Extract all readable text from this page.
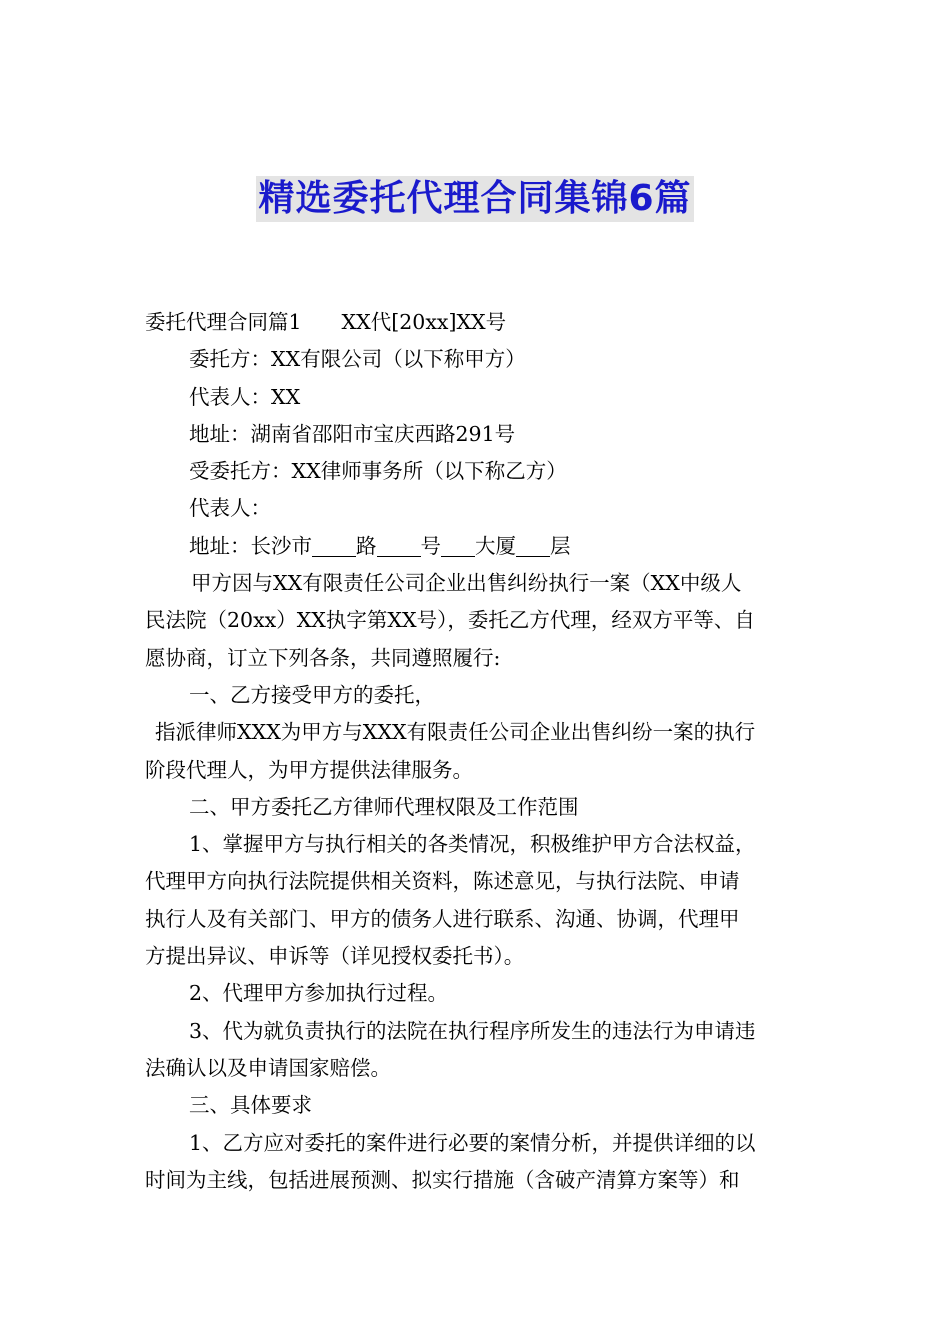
精选委托代理合同集锦6篇
委托代理合同篇1 XX代[20xx]XX号
委托方：XX有限公司（以下称甲方）
代表人：XX
地址：湖南省邵阳市宝庆西路291号
受委托方：XX律师事务所（以下称乙方）
代表人：
地址：长沙市 路 号 大厦 层
甲方因与XX有限责任公司企业出售纠纷执行一案（XX中级人
民法院（20xx）XX执字第XX号），委托乙方代理，经双方平等、自
愿协商，订立下列各条，共同遵照履行:
一、乙方接受甲方的委托，
指派律师XXX为甲方与XXX有限责任公司企业出售纠纷一案的执行
阶段代理人，为甲方提供法律服务。
二、甲方委托乙方律师代理权限及工作范围
1、掌握甲方与执行相关的各类情况，积极维护甲方合法权益，
代理甲方向执行法院提供相关资料，陈述意见，与执行法院、申请
执行人及有关部门、甲方的债务人进行联系、沟通、协调，代理甲
方提出异议、申诉等（详见授权委托书）。
2、代理甲方参加执行过程。
3、代为就负责执行的法院在执行程序所发生的违法行为申请违
法确认以及申请国家赔偿。
三、具体要求
1、乙方应对委托的案件进行必要的案情分析，并提供详细的以
时间为主线，包括进展预测、拟实行措施（含破产清算方案等）和
